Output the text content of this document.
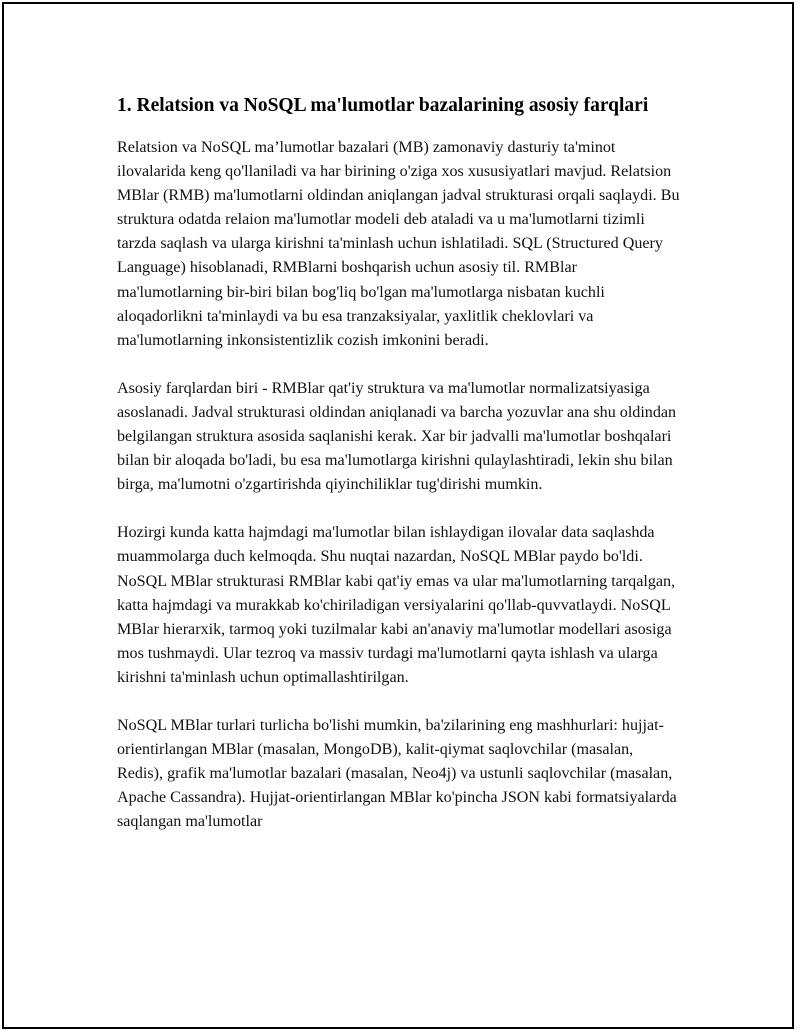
1. Relatsion va NoSQL ma'lumotlar bazalarining asosiy farqlari

Relatsion va NoSQL ma’lumotlar bazalari (MB) zamonaviy dasturiy ta'minot ilovalarida keng qo'llaniladi va har birining o'ziga xos xususiyatlari mavjud. Relatsion MBlar (RMB) ma'lumotlarni oldindan aniqlangan jadval strukturasi orqali saqlaydi. Bu struktura odatda relaion ma'lumotlar modeli deb ataladi va u ma'lumotlarni tizimli tarzda saqlash va ularga kirishni ta'minlash uchun ishlatiladi. SQL (Structured Query Language) hisoblanadi, RMBlarni boshqarish uchun asosiy til. RMBlar ma'lumotlarning bir-biri bilan bog'liq bo'lgan ma'lumotlarga nisbatan kuchli aloqadorlikni ta'minlaydi va bu esa tranzaksiyalar, yaxlitlik cheklovlari va ma'lumotlarning inkonsistentizlik cozish imkonini beradi.

Asosiy farqlardan biri - RMBlar qat'iy struktura va ma'lumotlar normalizatsiyasiga asoslanadi. Jadval strukturasi oldindan aniqlanadi va barcha yozuvlar ana shu oldindan belgilangan struktura asosida saqlanishi kerak. Xar bir jadvalli ma'lumotlar boshqalari bilan bir aloqada bo'ladi, bu esa ma'lumotlarga kirishni qulaylashtiradi, lekin shu bilan birga, ma'lumotni o'zgartirishda qiyinchiliklar tug'dirishi mumkin.

Hozirgi kunda katta hajmdagi ma'lumotlar bilan ishlaydigan ilovalar data saqlashda muammolarga duch kelmoqda. Shu nuqtai nazardan, NoSQL MBlar paydo bo'ldi. NoSQL MBlar strukturasi RMBlar kabi qat'iy emas va ular ma'lumotlarning tarqalgan, katta hajmdagi va murakkab ko'chiriladigan versiyalarini qo'llab-quvvatlaydi. NoSQL MBlar hierarxik, tarmoq yoki tuzilmalar kabi an'anaviy ma'lumotlar modellari asosiga mos tushmaydi. Ular tezroq va massiv turdagi ma'lumotlarni qayta ishlash va ularga kirishni ta'minlash uchun optimallashtirilgan.

NoSQL MBlar turlari turlicha bo'lishi mumkin, ba'zilarining eng mashhurlari: hujjat-orientirlangan MBlar (masalan, MongoDB), kalit-qiymat saqlovchilar (masalan, Redis), grafik ma'lumotlar bazalari (masalan, Neo4j) va ustunli saqlovchilar (masalan, Apache Cassandra). Hujjat-orientirlangan MBlar ko'pincha JSON kabi formatsiyalarda saqlangan ma'lumotlar
